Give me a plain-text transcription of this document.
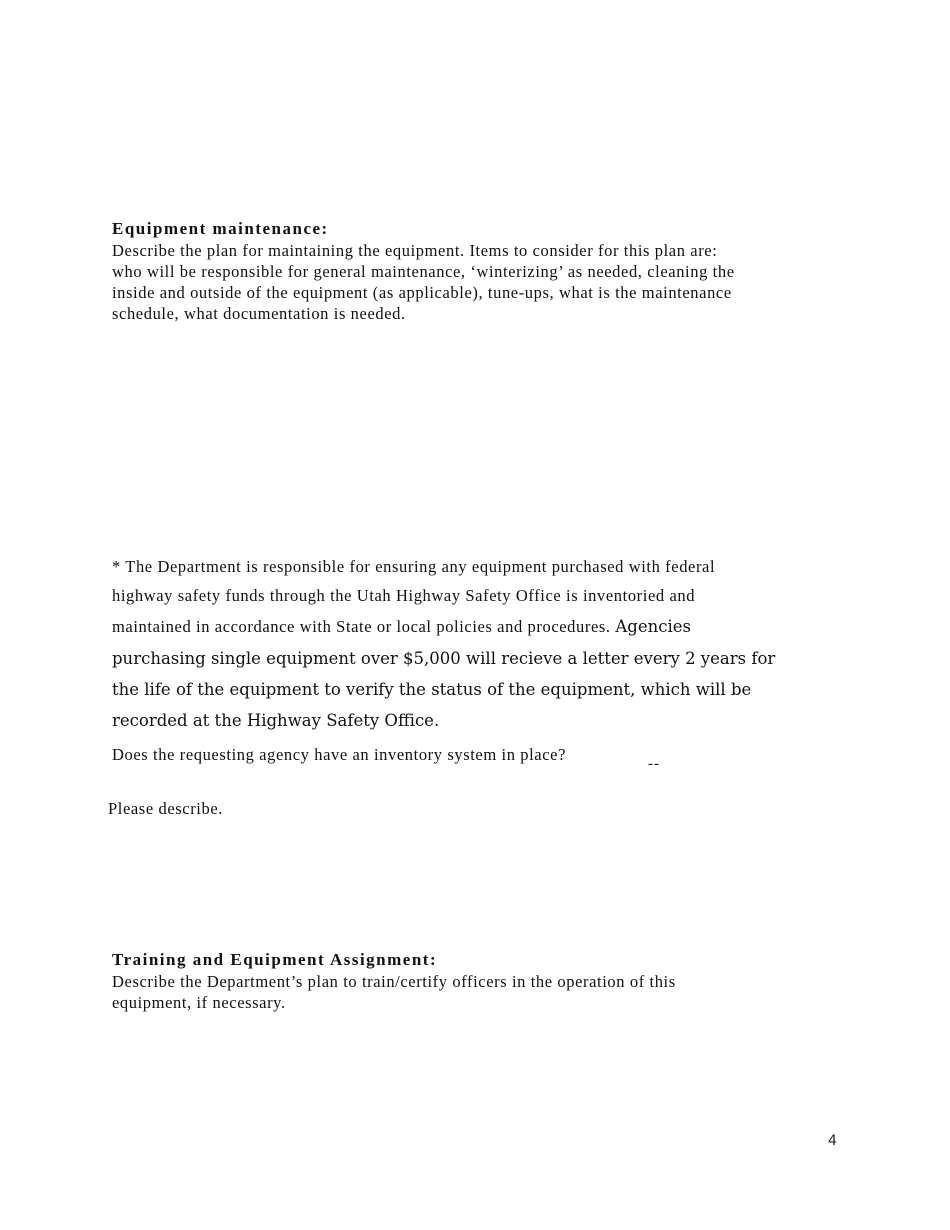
Equipment maintenance:

Describe the plan for maintaining the equipment. Items to consider for this plan are:
who will be responsible for general maintenance, ‘winterizing’ as needed, cleaning the
inside and outside of the equipment (as applicable), tune-ups, what is the maintenance
schedule, what documentation is needed.

* The Department is responsible for ensuring any equipment purchased with federal
highway safety funds through the Utah Highway Safety Office is inventoried and
maintained in accordance with State or local policies and procedures. Agencies
purchasing single equipment over $5,000 will recieve a letter every 2 years for
the life of the equipment to verify the status of the equipment, which will be
recorded at the Highway Safety Office.
Does the requesting agency have an inventory system in place?	--
Please describe.
Training and Equipment Assignment:

Describe the Department’s plan to train/certify officers in the operation of this
equipment, if necessary.

4
